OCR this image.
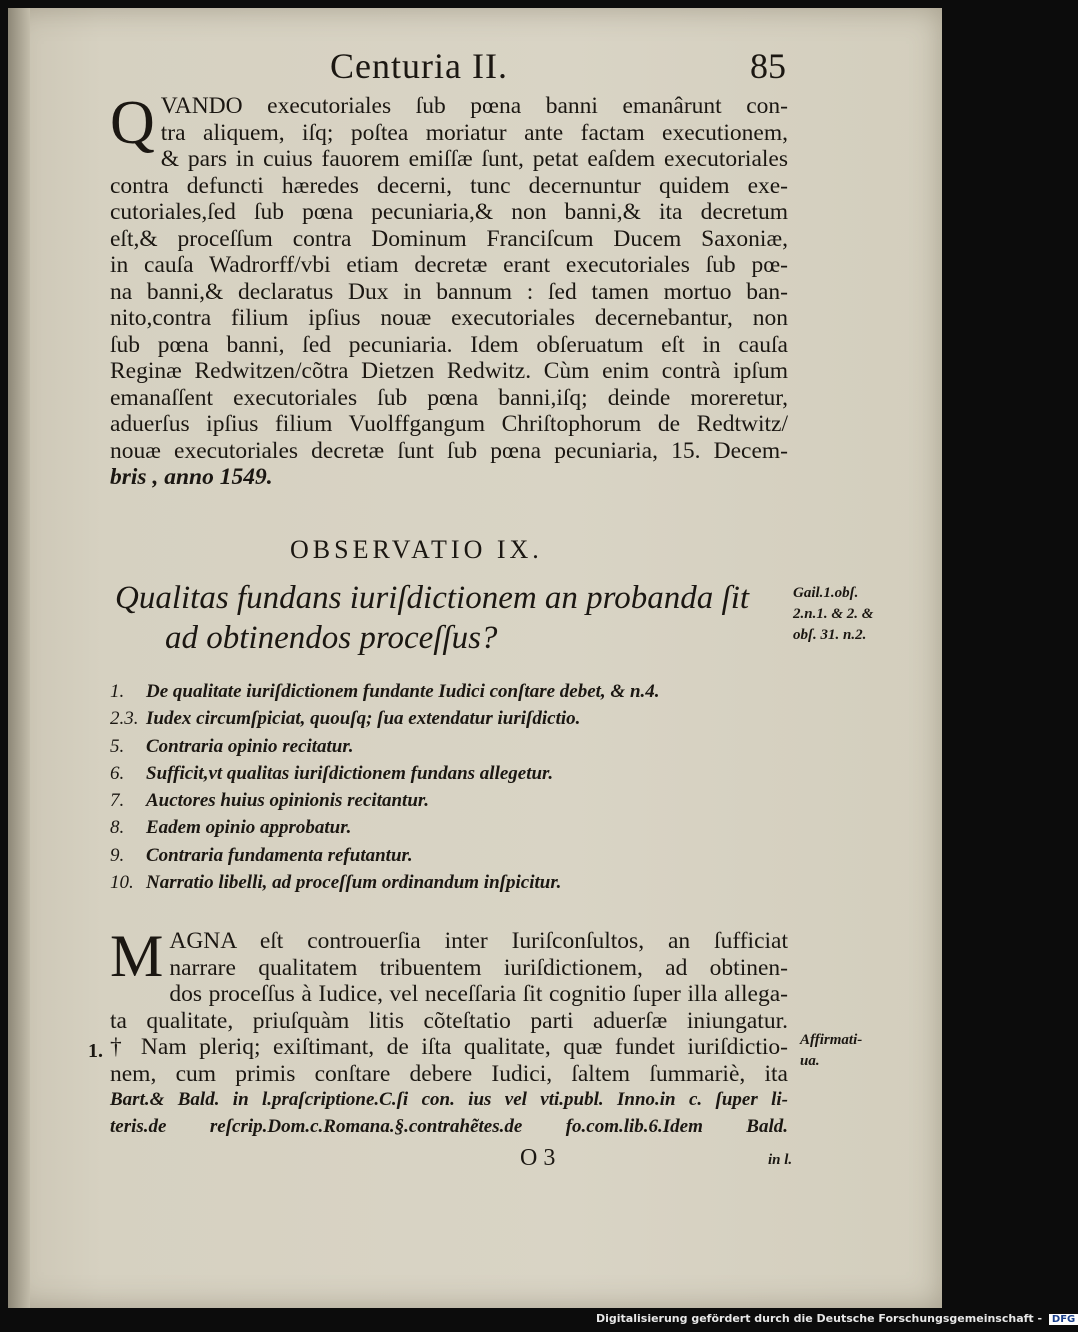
Centuria II.	85
Q VANDO executoriales ſub pœna banni emanârunt con-
tra aliquem, iſq; poſtea moriatur ante factam executionem,
& pars in cuius fauorem emiſſæ ſunt, petat eaſdem executoriales
contra defuncti hæredes decerni, tunc decernuntur quidem exe-
cutoriales,ſed ſub pœna pecuniaria,& non banni,& ita decretum
eſt,& proceſſum contra Dominum Franciſcum Ducem Saxoniæ,
in cauſa Wadrorff/vbi etiam decretæ erant executoriales ſub pœ-
na banni,& declaratus Dux in bannum : ſed tamen mortuo ban-
nito,contra filium ipſius nouæ executoriales decernebantur, non
ſub pœna banni, ſed pecuniaria. Idem obſeruatum eſt in cauſa
Reginæ Redwitzen/cõtra Dietzen Redwitz. Cùm enim contrà ipſum
emanaſſent executoriales ſub pœna banni,iſq; deinde moreretur,
aduerſus ipſius filium Vuolffgangum Chriſtophorum de Redtwitz/
nouæ executoriales decretæ ſunt ſub pœna pecuniaria, 15. Decem-
bris , anno 1549.
OBSERVATIO IX.
Qualitas fundans iuriſdictionem an probanda ſit
ad obtinendos proceſſus?
Gail.1.obſ. 2.n.1. & 2. & obſ. 31. n.2.
1.	De qualitate iuriſdictionem fundante Iudici conſtare debet, & n.4.
2.3. Iudex circumſpiciat, quouſq; ſua extendatur iuriſdictio.
5.	Contraria opinio recitatur.
6.	Sufficit,vt qualitas iuriſdictionem fundans allegetur.
7.	Auctores huius opinionis recitantur.
8.	Eadem opinio approbatur.
9.	Contraria fundamenta refutantur.
10. Narratio libelli, ad proceſſum ordinandum inſpicitur.
M AGNA eſt controuerſia inter Iuriſconſultos, an ſufficiat
narrare qualitatem tribuentem iuriſdictionem, ad obtinen-
dos proceſſus à Iudice, vel neceſſaria ſit cognitio ſuper illa allega-
ta qualitate, priuſquàm litis cõteſtatio parti aduerſæ iniungatur.
† Nam pleriq; exiſtimant, de iſta qualitate, quæ fundet iuriſdictio-
nem, cum primis conſtare debere Iudici, ſaltem ſummariè, ita
Bart.& Bald. in l.praſcriptione.C.ſi con. ius vel vti.publ. Inno.in c. ſuper li-
teris.de reſcrip.Dom.c.Romana.§.contrahẽtes.de fo.com.lib.6.Idem Bald.
1.	Affirmati- ua.
in l.
O 3
Digitalisierung gefördert durch die Deutsche Forschungsgemeinschaft - DFG
